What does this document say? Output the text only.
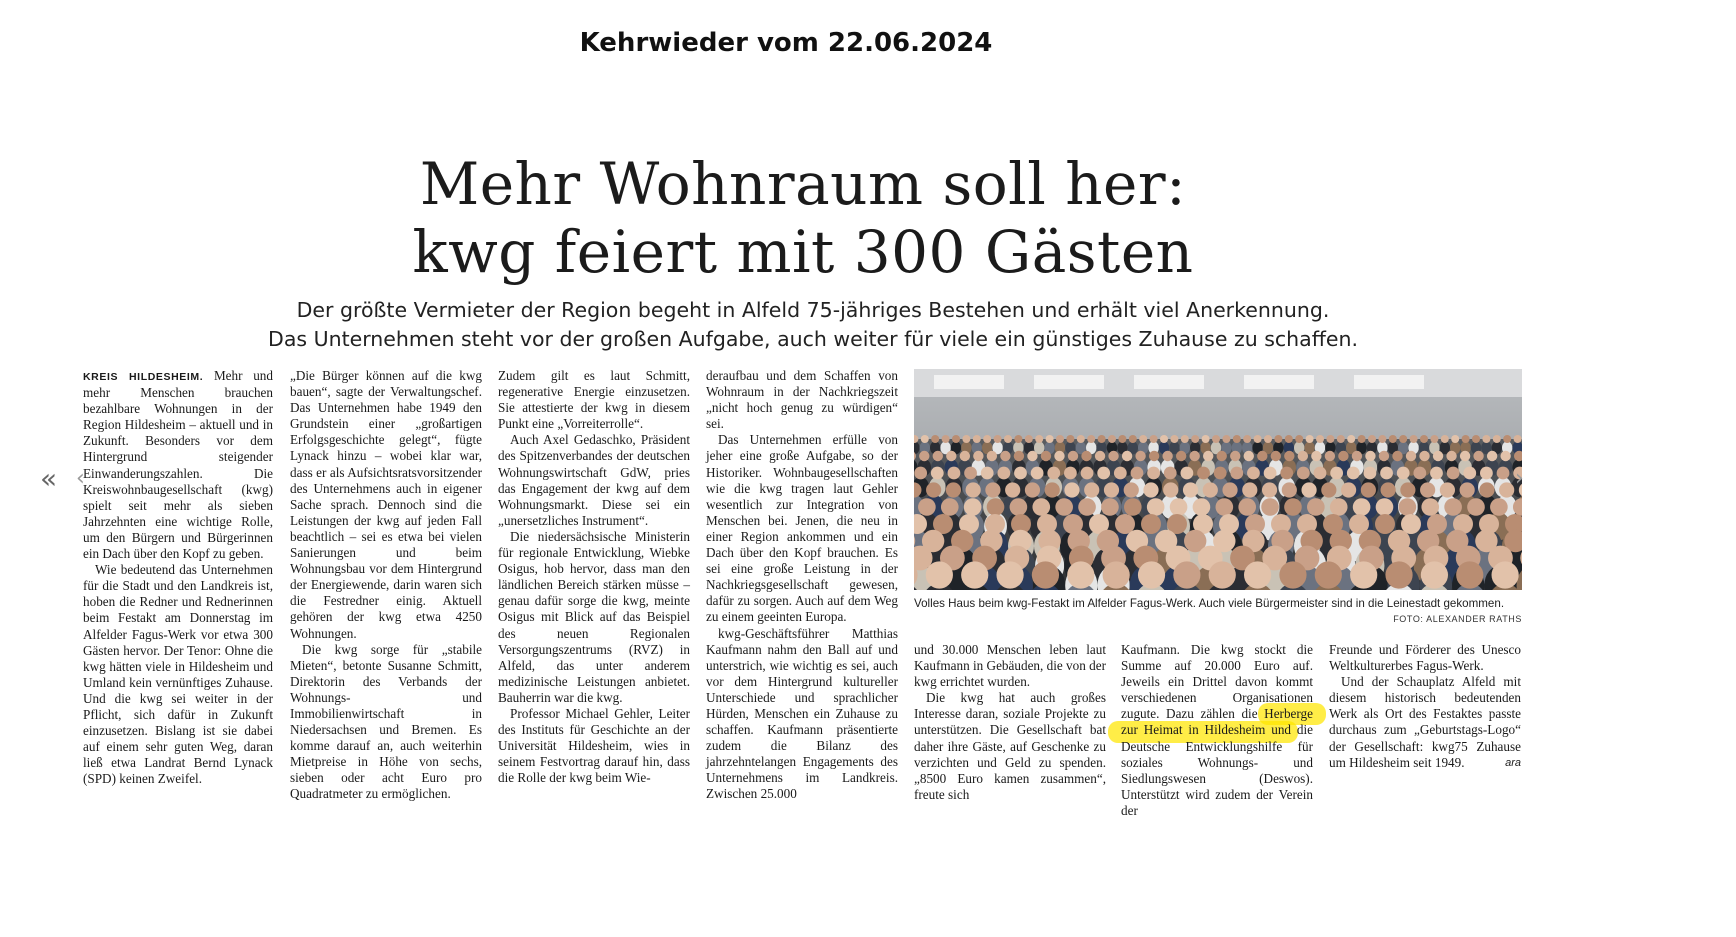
Kehrwieder vom 22.06.2024
Mehr Wohnraum soll her:
kwg feiert mit 300 Gästen
Der größte Vermieter der Region begeht in Alfeld 75-jähriges Bestehen und erhält viel Anerkennung.
Das Unternehmen steht vor der großen Aufgabe, auch weiter für viele ein günstiges Zuhause zu schaffen.

KREIS HILDESHEIM. Mehr und mehr Menschen brauchen bezahlbare Wohnungen in der Region Hildesheim – aktuell und in Zukunft. Besonders vor dem Hintergrund steigender Einwanderungszahlen. Die Kreiswohnbaugesellschaft (kwg) spielt seit mehr als sieben Jahrzehnten eine wichtige Rolle, um den Bürgern und Bürgerinnen ein Dach über den Kopf zu geben.

Wie bedeutend das Unternehmen für die Stadt und den Landkreis ist, hoben die Redner und Rednerinnen beim Festakt am Donnerstag im Alfelder Fagus-Werk vor etwa 300 Gästen hervor. Der Tenor: Ohne die kwg hätten viele in Hildesheim und Umland kein vernünftiges Zuhause. Und die kwg sei weiter in der Pflicht, sich dafür in Zukunft einzusetzen. Bislang ist sie dabei auf einem sehr guten Weg, daran ließ etwa Landrat Bernd Lynack (SPD) keinen Zweifel.

„Die Bürger können auf die kwg bauen“, sagte der Verwaltungschef. Das Unternehmen habe 1949 den Grundstein einer „großartigen Erfolgsgeschichte gelegt“, fügte Lynack hinzu – wobei klar war, dass er als Aufsichtsratsvorsitzender des Unternehmens auch in eigener Sache sprach. Dennoch sind die Leistungen der kwg auf jeden Fall beachtlich – sei es etwa bei vielen Sanierungen und beim Wohnungsbau vor dem Hintergrund der Energiewende, darin waren sich die Festredner einig. Aktuell gehören der kwg etwa 4250 Wohnungen.

Die kwg sorge für „stabile Mieten“, betonte Susanne Schmitt, Direktorin des Verbands der Wohnungs- und Immobilienwirtschaft in Niedersachsen und Bremen. Es komme darauf an, auch weiterhin Mietpreise in Höhe von sechs, sieben oder acht Euro pro Quadratmeter zu ermöglichen.

Zudem gilt es laut Schmitt, regenerative Energie einzusetzen. Sie attestierte der kwg in diesem Punkt eine „Vorreiterrolle“.

Auch Axel Gedaschko, Präsident des Spitzenverbandes der deutschen Wohnungswirtschaft GdW, pries das Engagement der kwg auf dem Wohnungsmarkt. Diese sei ein „unersetzliches Instrument“.

Die niedersächsische Ministerin für regionale Entwicklung, Wiebke Osigus, hob hervor, dass man den ländlichen Bereich stärken müsse – genau dafür sorge die kwg, meinte Osigus mit Blick auf das Beispiel des neuen Regionalen Versorgungszentrums (RVZ) in Alfeld, das unter anderem medizinische Leistungen anbietet. Bauherrin war die kwg.

Professor Michael Gehler, Leiter des Instituts für Geschichte an der Universität Hildesheim, wies in seinem Festvortrag darauf hin, dass die Rolle der kwg beim Wie-

deraufbau und dem Schaffen von Wohnraum in der Nachkriegszeit „nicht hoch genug zu würdigen“ sei.

Das Unternehmen erfülle von jeher eine große Aufgabe, so der Historiker. Wohnbaugesellschaften wie die kwg tragen laut Gehler wesentlich zur Integration von Menschen bei. Jenen, die neu in einer Region ankommen und ein Dach über den Kopf brauchen. Es sei eine große Leistung in der Nachkriegsgesellschaft gewesen, dafür zu sorgen. Auch auf dem Weg zu einem geeinten Europa.

kwg-Geschäftsführer Matthias Kaufmann nahm den Ball auf und unterstrich, wie wichtig es sei, auch vor dem Hintergrund kultureller Unterschiede und sprachlicher Hürden, Menschen ein Zuhause zu schaffen. Kaufmann präsentierte zudem die Bilanz des jahrzehntelangen Engagements des Unternehmens im Landkreis. Zwischen 25.000

Volles Haus beim kwg-Festakt im Alfelder Fagus-Werk. Auch viele Bürgermeister sind in die Leinestadt gekommen.
FOTO: ALEXANDER RATHS

und 30.000 Menschen leben laut Kaufmann in Gebäuden, die von der kwg errichtet wurden.

Die kwg hat auch großes Interesse daran, soziale Projekte zu unterstützen. Die Gesellschaft bat daher ihre Gäste, auf Geschenke zu verzichten und Geld zu spenden. „8500 Euro kamen zusammen“, freute sich

Kaufmann. Die kwg stockt die Summe auf 20.000 Euro auf. Jeweils ein Drittel davon kommt verschiedenen Organisationen zugute. Dazu zählen die Herberge zur Heimat in Hildesheim und die Deutsche Entwicklungshilfe für soziales Wohnungs- und Siedlungswesen (Deswos). Unterstützt wird zudem der Verein der

Freunde und Förderer des Unesco Weltkulturerbes Fagus-Werk.

Und der Schauplatz Alfeld mit diesem historisch bedeutenden Werk als Ort des Festaktes passte durchaus zum „Geburtstags-Logo“ der Gesellschaft: kwg75 Zuhause um Hildesheim seit 1949.	ara

« ‹	›
